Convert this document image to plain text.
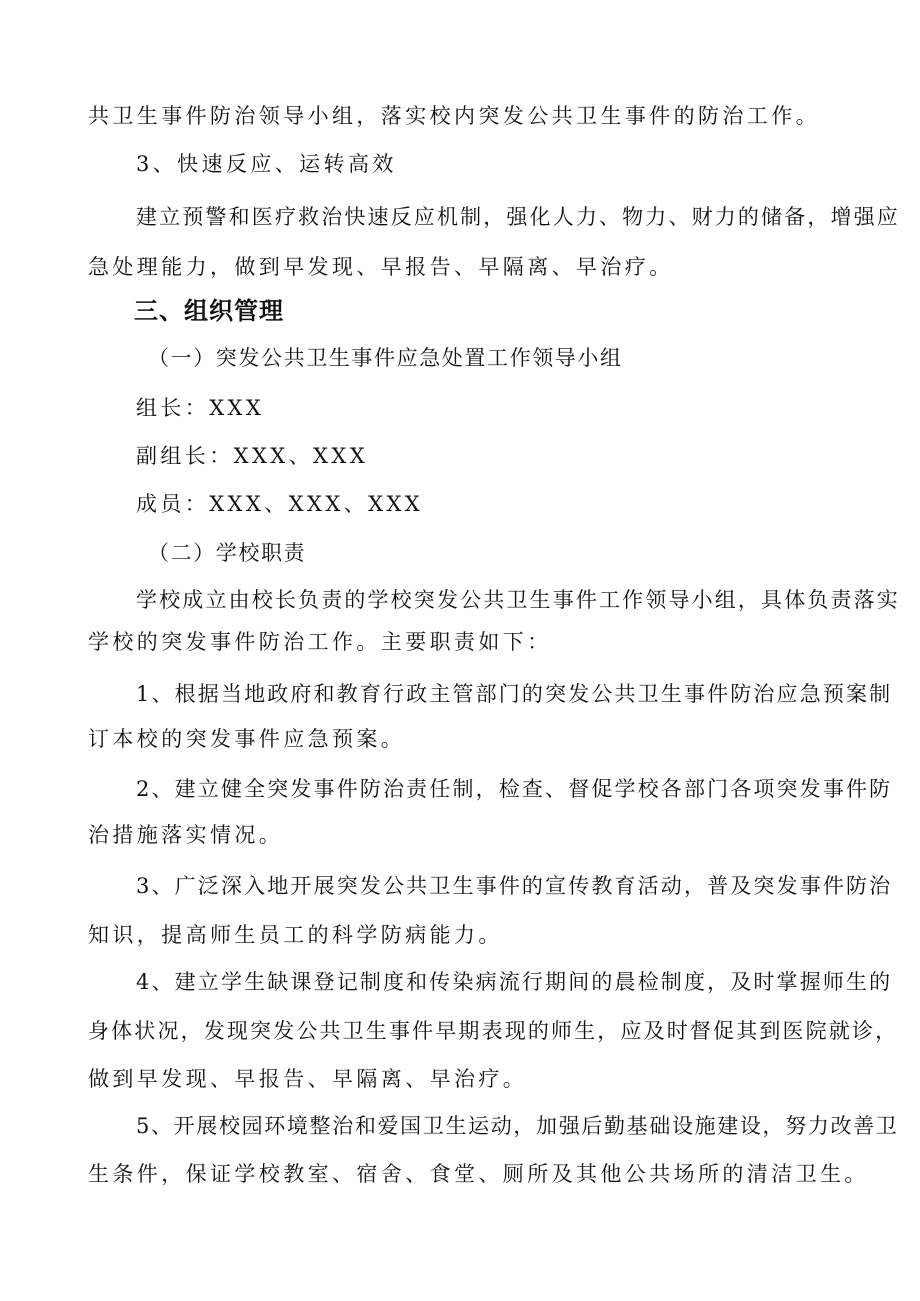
共卫生事件防治领导小组，落实校内突发公共卫生事件的防治工作。
3、快速反应、运转高效
建立预警和医疗救治快速反应机制，强化人力、物力、财力的储备，增强应
急处理能力，做到早发现、早报告、早隔离、早治疗。
三、组织管理
（一）突发公共卫生事件应急处置工作领导小组
组长：XXX
副组长：XXX、XXX
成员：XXX、XXX、XXX
（二）学校职责
学校成立由校长负责的学校突发公共卫生事件工作领导小组，具体负责落实
学校的突发事件防治工作。主要职责如下：
1、根据当地政府和教育行政主管部门的突发公共卫生事件防治应急预案制
订本校的突发事件应急预案。
2、建立健全突发事件防治责任制，检查、督促学校各部门各项突发事件防
治措施落实情况。
3、广泛深入地开展突发公共卫生事件的宣传教育活动，普及突发事件防治
知识，提高师生员工的科学防病能力。
4、建立学生缺课登记制度和传染病流行期间的晨检制度，及时掌握师生的
身体状况，发现突发公共卫生事件早期表现的师生，应及时督促其到医院就诊，
做到早发现、早报告、早隔离、早治疗。
5、开展校园环境整治和爱国卫生运动，加强后勤基础设施建设，努力改善卫
生条件，保证学校教室、宿舍、食堂、厕所及其他公共场所的清洁卫生。
